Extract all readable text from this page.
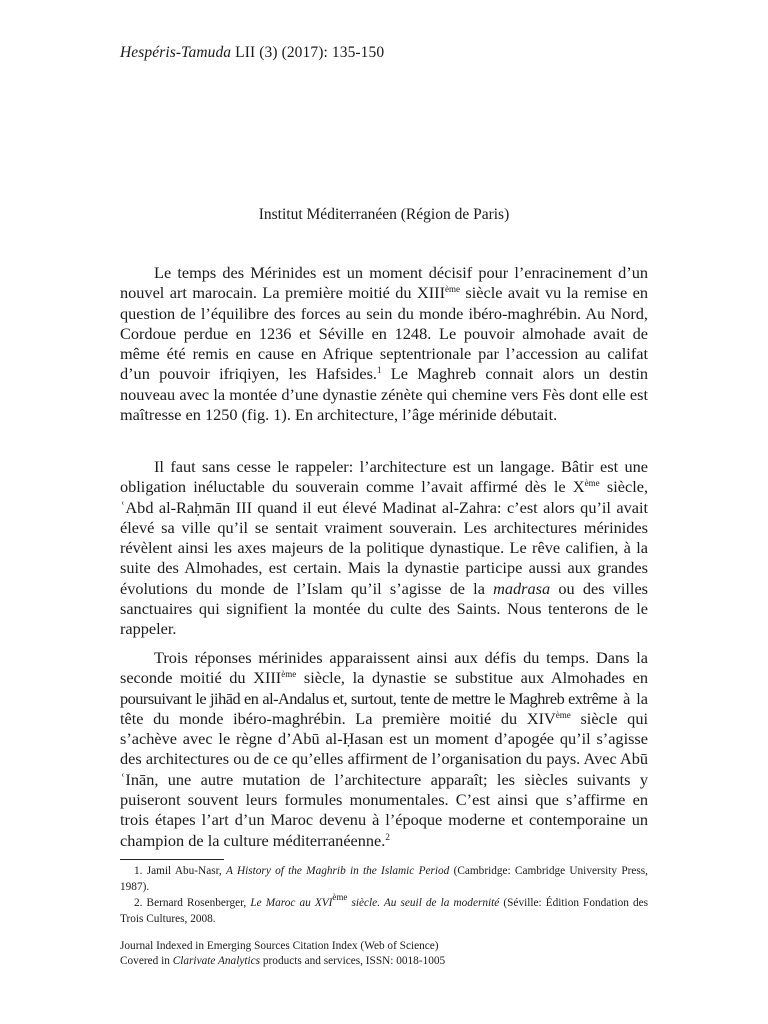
Hespéris-Tamuda LII (3) (2017): 135-150
Institut Méditerranéen (Région de Paris)

Le temps des Mérinides est un moment décisif pour l’enracinement d’un nouvel art marocain. La première moitié du XIIIème siècle avait vu la remise en question de l’équilibre des forces au sein du monde ibéro-maghrébin. Au Nord, Cordoue perdue en 1236 et Séville en 1248. Le pouvoir almohade avait de même été remis en cause en Afrique septentrionale par l’accession au califat d’un pouvoir ifriqiyen, les Hafsides.$^1$ Le Maghreb connait alors un destin nouveau avec la montée d’une dynastie zénète qui chemine vers Fès dont elle est maîtresse en 1250 (fig. 1). En architecture, l’âge mérinide débutait.

Il faut sans cesse le rappeler: l’architecture est un langage. Bâtir est une obligation inéluctable du souverain comme l’avait affirmé dès le Xème siècle, ʿAbd al-Raḥmān III quand il eut élevé Madinat al-Zahra: c’est alors qu’il avait élevé sa ville qu’il se sentait vraiment souverain. Les architectures mérinides révèlent ainsi les axes majeurs de la politique dynastique. Le rêve califien, à la suite des Almohades, est certain. Mais la dynastie participe aussi aux grandes évolutions du monde de l’Islam qu’il s’agisse de la madrasa ou des villes sanctuaires qui signifient la montée du culte des Saints. Nous tenterons de le rappeler.

Trois réponses mérinides apparaissent ainsi aux défis du temps. Dans la seconde moitié du XIIIème siècle, la dynastie se substitue aux Almohades en poursuivant le jihād en al-Andalus et, surtout, tente de mettre le Maghreb extrême à la tête du monde ibéro-maghrébin. La première moitié du XIVème siècle qui s’achève avec le règne d’Abū al-Ḥasan est un moment d’apogée qu’il s’agisse des architectures ou de ce qu’elles affirment de l’organisation du pays. Avec Abū ʿInān, une autre mutation de l’architecture apparaît; les siècles suivants y puiseront souvent leurs formules monumentales. C’est ainsi que s’affirme en trois étapes l’art d’un Maroc devenu à l’époque moderne et contemporaine un champion de la culture méditerranéenne.$^2$

1. Jamil Abu-Nasr, A History of the Maghrib in the Islamic Period (Cambridge: Cambridge University Press, 1987).

2. Bernard Rosenberger, Le Maroc au XVIème siècle. Au seuil de la modernité (Séville: Édition Fondation des Trois Cultures, 2008.

Journal Indexed in Emerging Sources Citation Index (Web of Science)
Covered in Clarivate Analytics products and services, ISSN: 0018-1005
